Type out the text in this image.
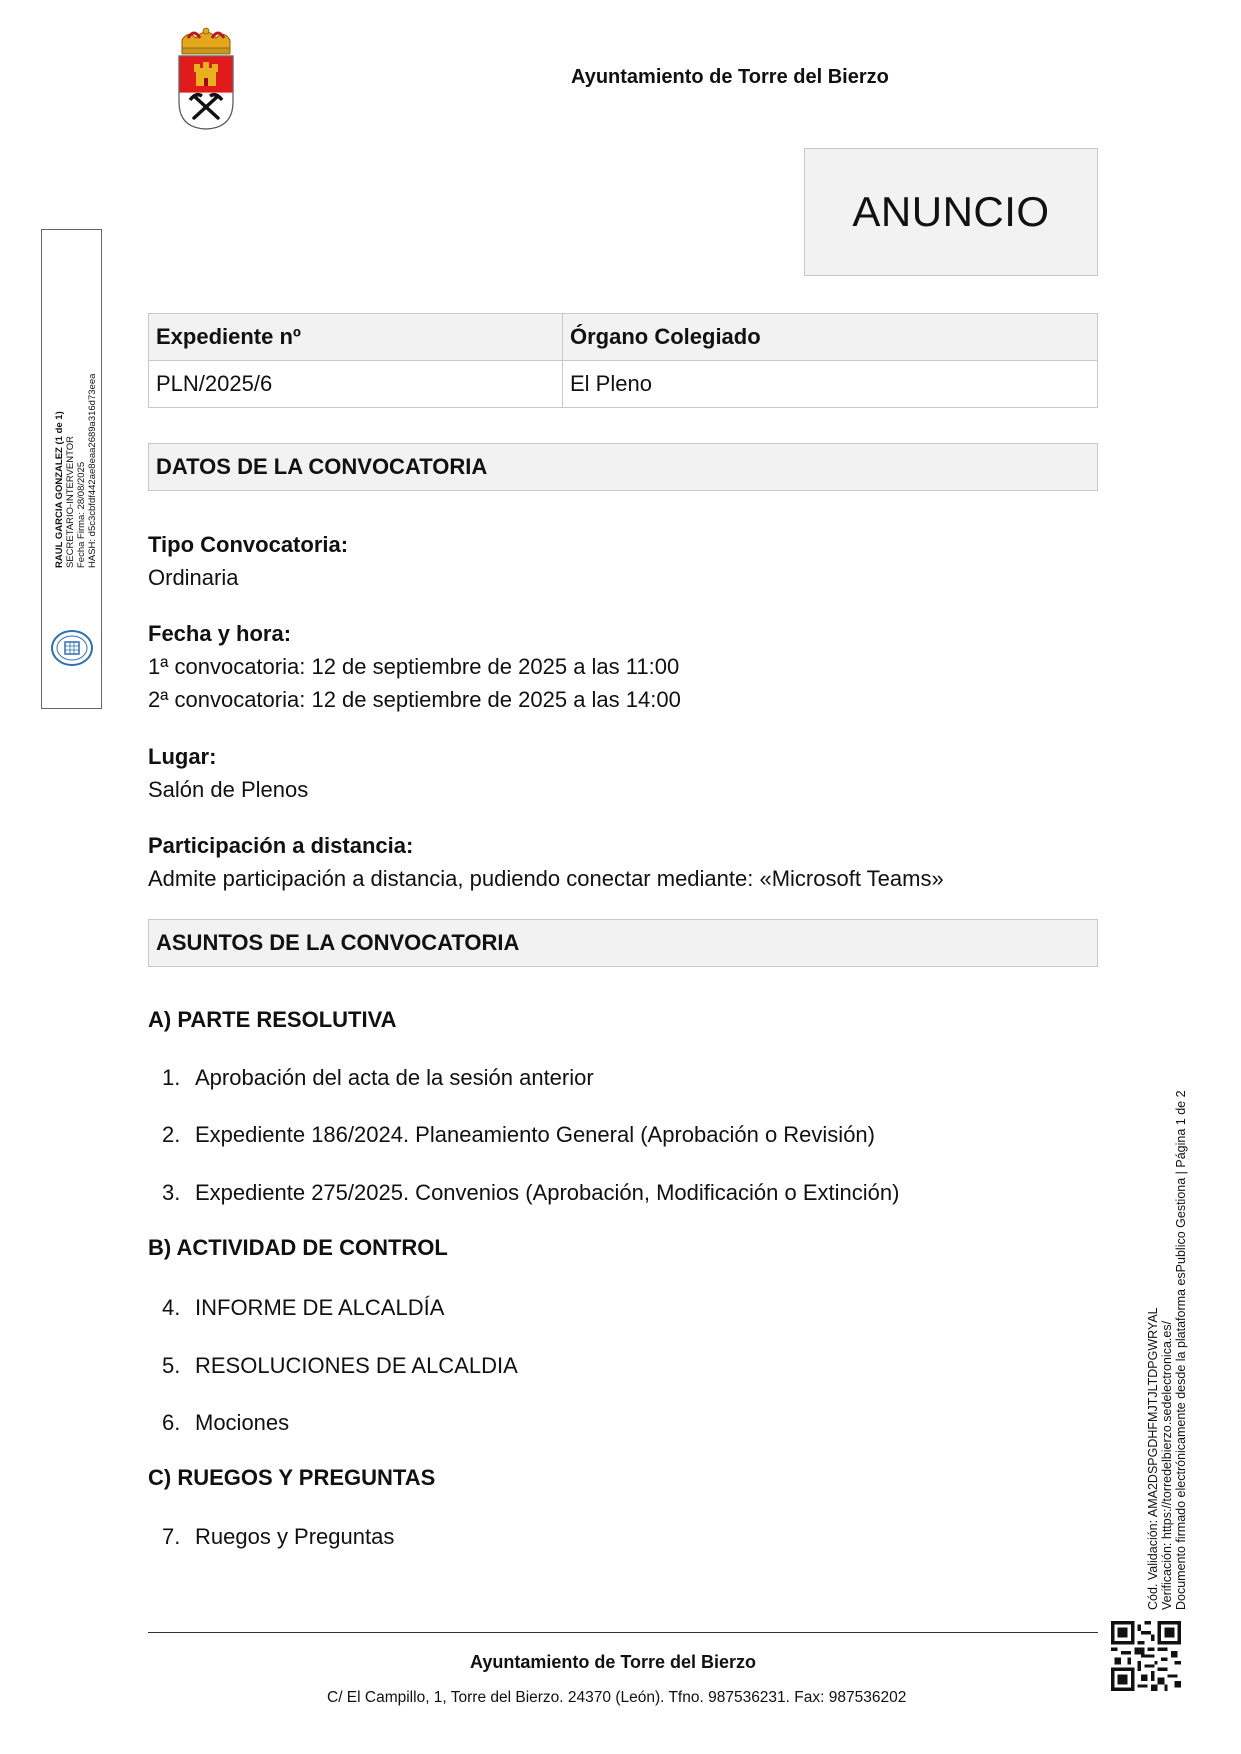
Ayuntamiento de Torre del Bierzo
ANUNCIO
Expediente nº	Órgano Colegiado
PLN/2025/6	El Pleno
DATOS DE LA CONVOCATORIA
Tipo Convocatoria:
Ordinaria
Fecha y hora:
1ª convocatoria: 12 de septiembre de 2025 a las 11:00
2ª convocatoria: 12 de septiembre de 2025 a las 14:00
Lugar:
Salón de Plenos
Participación a distancia:
Admite participación a distancia, pudiendo conectar mediante: «Microsoft Teams»
ASUNTOS DE LA CONVOCATORIA
A) PARTE RESOLUTIVA
1. Aprobación del acta de la sesión anterior
2. Expediente 186/2024. Planeamiento General (Aprobación o Revisión)
3. Expediente 275/2025. Convenios (Aprobación, Modificación o Extinción)
B) ACTIVIDAD DE CONTROL
4. INFORME DE ALCALDÍA
5. RESOLUCIONES DE ALCALDIA
6. Mociones
C) RUEGOS Y PREGUNTAS
7. Ruegos y Preguntas
Ayuntamiento de Torre del Bierzo
C/ El Campillo, 1, Torre del Bierzo. 24370 (León). Tfno. 987536231. Fax: 987536202
RAUL GARCIA GONZALEZ (1 de 1) SECRETARIO-INTERVENTOR Fecha Firma: 28/08/2025 HASH: d5c3cbfdf442ae8eaa2689a316d73eea
Cód. Validación: AMA2DSPGDHFMJTJLTDPGWRYAL Verificación: https://torredelbierzo.sedelectronica.es/ Documento firmado electrónicamente desde la plataforma esPublico Gestiona | Página 1 de 2
